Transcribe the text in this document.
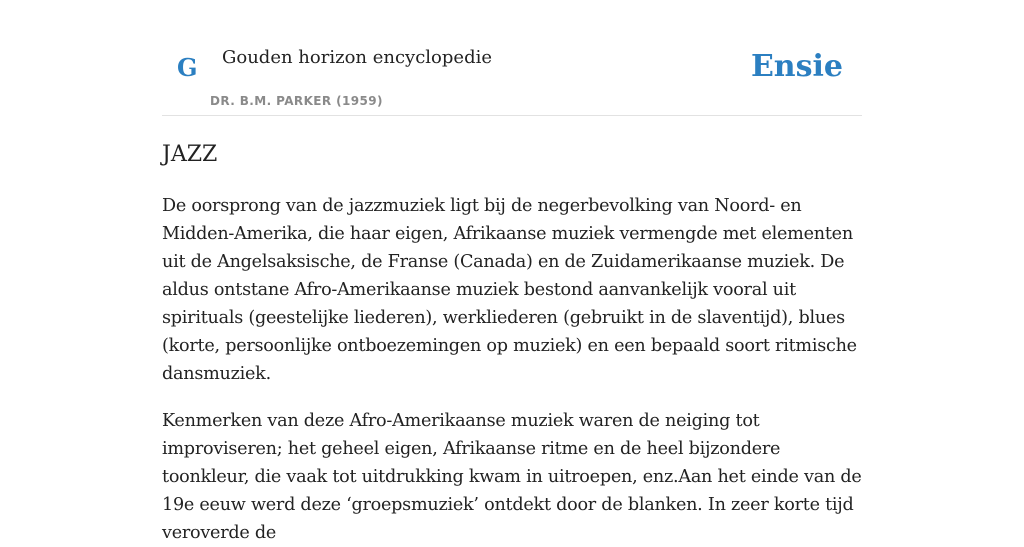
G Gouden horizon encyclopedie
DR. B.M. PARKER (1959)
Ensie
JAZZ

De oorsprong van de jazzmuziek ligt bij de negerbevolking van Noord- en Midden-Amerika, die haar eigen, Afrikaanse muziek vermengde met elementen uit de Angelsaksische, de Franse (Canada) en de Zuidamerikaanse muziek. De aldus ontstane Afro-Amerikaanse muziek bestond aanvankelijk vooral uit spirituals (geestelijke liederen), werkliederen (gebruikt in de slaventijd), blues (korte, persoonlijke ontboezemingen op muziek) en een bepaald soort ritmische dansmuziek.

Kenmerken van deze Afro-Amerikaanse muziek waren de neiging tot improviseren; het geheel eigen, Afrikaanse ritme en de heel bijzondere toonkleur, die vaak tot uitdrukking kwam in uitroepen, enz.Aan het einde van de 19e eeuw werd deze ‘groepsmuziek’ ontdekt door de blanken. In zeer korte tijd veroverde de
